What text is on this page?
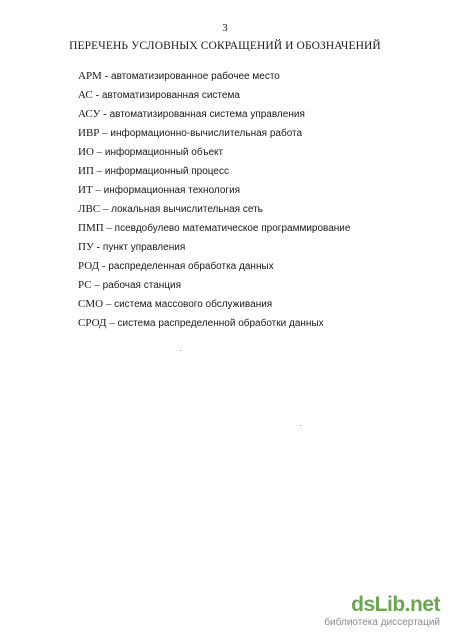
3
ПЕРЕЧЕНЬ УСЛОВНЫХ СОКРАЩЕНИЙ И ОБОЗНАЧЕНИЙ
АРМ - автоматизированное рабочее место
АС - автоматизированная система
АСУ - автоматизированная система управления
ИВР – информационно-вычислительная работа
ИО – информационный объект
ИП – информационный процесс
ИТ – информационная технология
ЛВС – локальная вычислительная сеть
ПМП – псевдобулево математическое программирование
ПУ - пункт управления
РОД - распределенная обработка данных
РС – рабочая станция
СМО – система массового обслуживания
СРОД – система распределенной обработки данных
dsLib.net
библиотека диссертаций
